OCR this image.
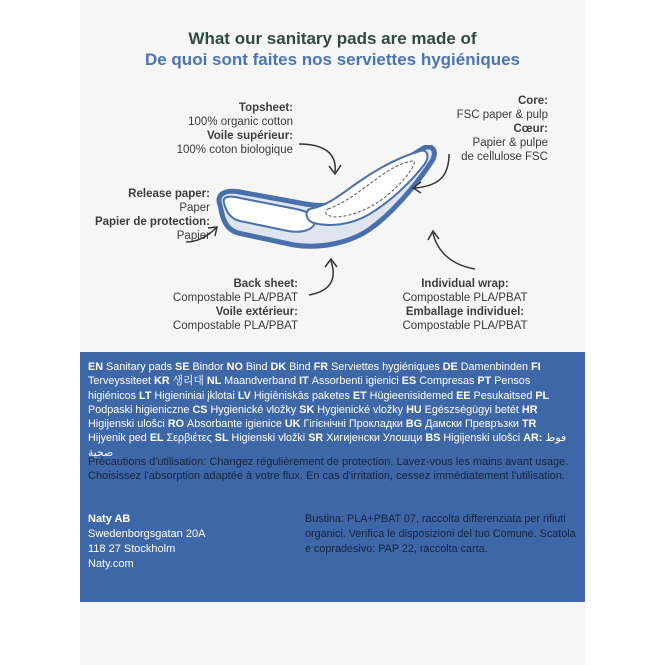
What our sanitary pads are made of
De quoi sont faites nos serviettes hygiéniques
Topsheet:
100% organic cotton
Voile supérieur:
100% coton biologique
Core:
FSC paper & pulp
Cœur:
Papier & pulpe
de cellulose FSC
Release paper:
Paper
Papier de protection:
Papier
Back sheet:
Compostable PLA/PBAT
Voile extérieur:
Compostable PLA/PBAT
Individual wrap:
Compostable PLA/PBAT
Emballage individuel:
Compostable PLA/PBAT
EN Sanitary pads SE Bindor NO Bind DK Bind FR Serviettes hygiéniques DE Damenbinden FI Terveyssiteet KR 생리대 NL Maandverband IT Assorbenti igienici ES Compresas PT Pensos higiénicos LT Higieniniai įklotai LV Higiēniskās paketes ET Hügieenisidemed EE Pesukaitsed PL Podpaski higieniczne CS Hygienické vložky SK Hygienické vložky HU Egészségügyi betét HR Higijenski ulošci RO Absorbante igienice UK Гігієнічні Прокладки BG Дамски Превръзки TR Hijyenik ped EL Σερβιέτες SL Higienski vložki SR Хигијенски Улошци BS Higijenski ulošci AR: فوط صحية
Précautions d'utilisation: Changez régulièrement de protection. Lavez-vous les mains avant usage. Choisissez l'absorption adaptée à votre flux. En cas d'irritation, cessez immédiatement l'utilisation.
Naty AB
Swedenborgsgatan 20A
118 27 Stockholm
Naty.com
Bustina: PLA+PBAT 07, raccolta differenziata per rifiuti organici. Verifica le disposizioni del tuo Comune. Scatola e copradesivo: PAP 22, raccolta carta.
